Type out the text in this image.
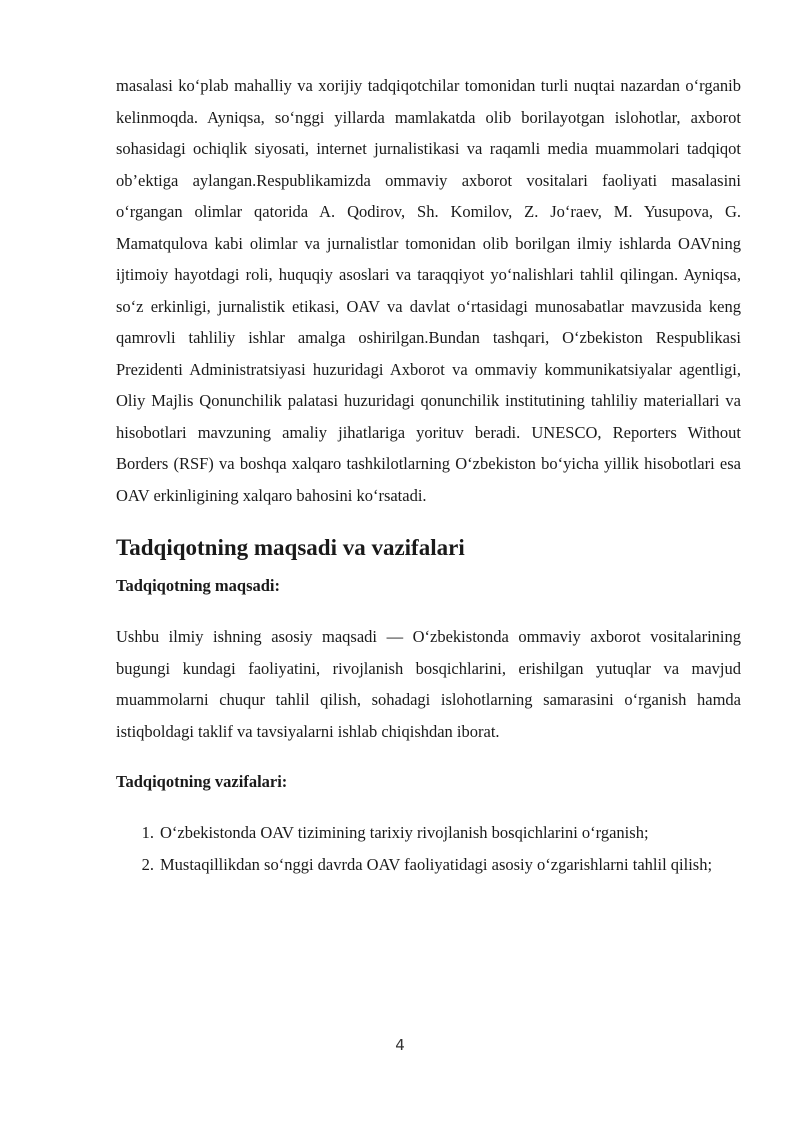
masalasi ko‘plab mahalliy va xorijiy tadqiqotchilar tomonidan turli nuqtai nazardan o‘rganib kelinmoqda. Ayniqsa, so‘nggi yillarda mamlakatda olib borilayotgan islohotlar, axborot sohasidagi ochiqlik siyosati, internet jurnalistikasi va raqamli media muammolari tadqiqot ob’ektiga aylangan.Respublikamizda ommaviy axborot vositalari faoliyati masalasini o‘rgangan olimlar qatorida A. Qodirov, Sh. Komilov, Z. Jo‘raev, M. Yusupova, G. Mamatqulova kabi olimlar va jurnalistlar tomonidan olib borilgan ilmiy ishlarda OAVning ijtimoiy hayotdagi roli, huquqiy asoslari va taraqqiyot yo‘nalishlari tahlil qilingan. Ayniqsa, so‘z erkinligi, jurnalistik etikasi, OAV va davlat o‘rtasidagi munosabatlar mavzusida keng qamrovli tahliliy ishlar amalga oshirilgan.Bundan tashqari, O‘zbekiston Respublikasi Prezidenti Administratsiyasi huzuridagi Axborot va ommaviy kommunikatsiyalar agentligi, Oliy Majlis Qonunchilik palatasi huzuridagi qonunchilik institutining tahliliy materiallari va hisobotlari mavzuning amaliy jihatlariga yorituv beradi. UNESCO, Reporters Without Borders (RSF) va boshqa xalqaro tashkilotlarning O‘zbekiston bo‘yicha yillik hisobotlari esa OAV erkinligining xalqaro bahosini ko‘rsatadi.

Tadqiqotning maqsadi va vazifalari
Tadqiqotning maqsadi:

Ushbu ilmiy ishning asosiy maqsadi — O‘zbekistonda ommaviy axborot vositalarining bugungi kundagi faoliyatini, rivojlanish bosqichlarini, erishilgan yutuqlar va mavjud muammolarni chuqur tahlil qilish, sohadagi islohotlarning samarasini o‘rganish hamda istiqboldagi taklif va tavsiyalarni ishlab chiqishdan iborat.

Tadqiqotning vazifalari:
1. O‘zbekistonda OAV tizimining tarixiy rivojlanish bosqichlarini o‘rganish;
2. Mustaqillikdan so‘nggi davrda OAV faoliyatidagi asosiy o‘zgarishlarni tahlil qilish;
4
